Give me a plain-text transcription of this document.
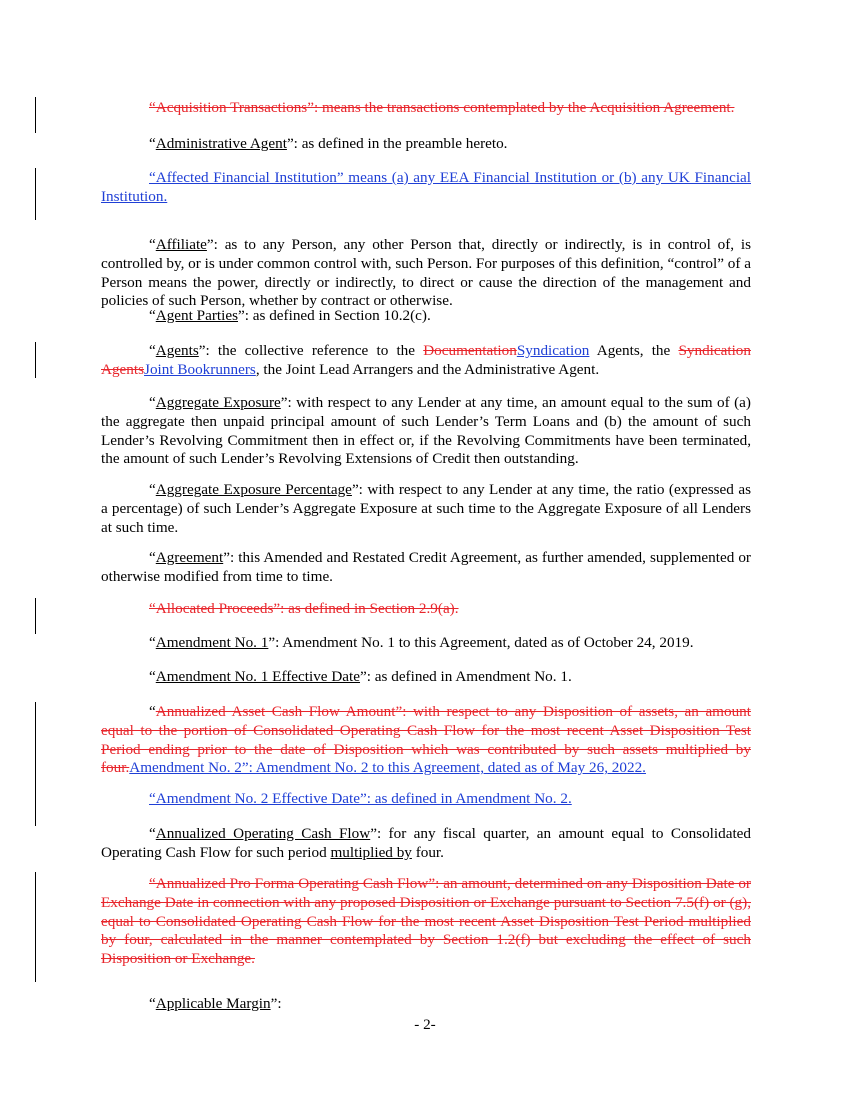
“Acquisition Transactions”: means the transactions contemplated by the Acquisition Agreement.

“Administrative Agent”: as defined in the preamble hereto.

“Affected Financial Institution” means (a) any EEA Financial Institution or (b) any UK Financial Institution.

“Affiliate”: as to any Person, any other Person that, directly or indirectly, is in control of, is controlled by, or is under common control with, such Person. For purposes of this definition, “control” of a Person means the power, directly or indirectly, to direct or cause the direction of the management and policies of such Person, whether by contract or otherwise.

“Agent Parties”: as defined in Section 10.2(c).

“Agents”: the collective reference to the DocumentationSyndication Agents, the Syndication AgentsJoint Bookrunners, the Joint Lead Arrangers and the Administrative Agent.

“Aggregate Exposure”: with respect to any Lender at any time, an amount equal to the sum of (a) the aggregate then unpaid principal amount of such Lender’s Term Loans and (b) the amount of such Lender’s Revolving Commitment then in effect or, if the Revolving Commitments have been terminated, the amount of such Lender’s Revolving Extensions of Credit then outstanding.

“Aggregate Exposure Percentage”: with respect to any Lender at any time, the ratio (expressed as a percentage) of such Lender’s Aggregate Exposure at such time to the Aggregate Exposure of all Lenders at such time.

“Agreement”: this Amended and Restated Credit Agreement, as further amended, supplemented or otherwise modified from time to time.

“Allocated Proceeds”: as defined in Section 2.9(a).

“Amendment No. 1”: Amendment No. 1 to this Agreement, dated as of October 24, 2019.

“Amendment No. 1 Effective Date”: as defined in Amendment No. 1.

“Annualized Asset Cash Flow Amount”: with respect to any Disposition of assets, an amount equal to the portion of Consolidated Operating Cash Flow for the most recent Asset Disposition Test Period ending prior to the date of Disposition which was contributed by such assets multiplied by four.Amendment No. 2”: Amendment No. 2 to this Agreement, dated as of May 26, 2022.

“Amendment No. 2 Effective Date”: as defined in Amendment No. 2.

“Annualized Operating Cash Flow”: for any fiscal quarter, an amount equal to Consolidated Operating Cash Flow for such period multiplied by four.

“Annualized Pro Forma Operating Cash Flow”: an amount, determined on any Disposition Date or Exchange Date in connection with any proposed Disposition or Exchange pursuant to Section 7.5(f) or (g), equal to Consolidated Operating Cash Flow for the most recent Asset Disposition Test Period multiplied by four, calculated in the manner contemplated by Section 1.2(f) but excluding the effect of such Disposition or Exchange.

“Applicable Margin”:

- 2-
